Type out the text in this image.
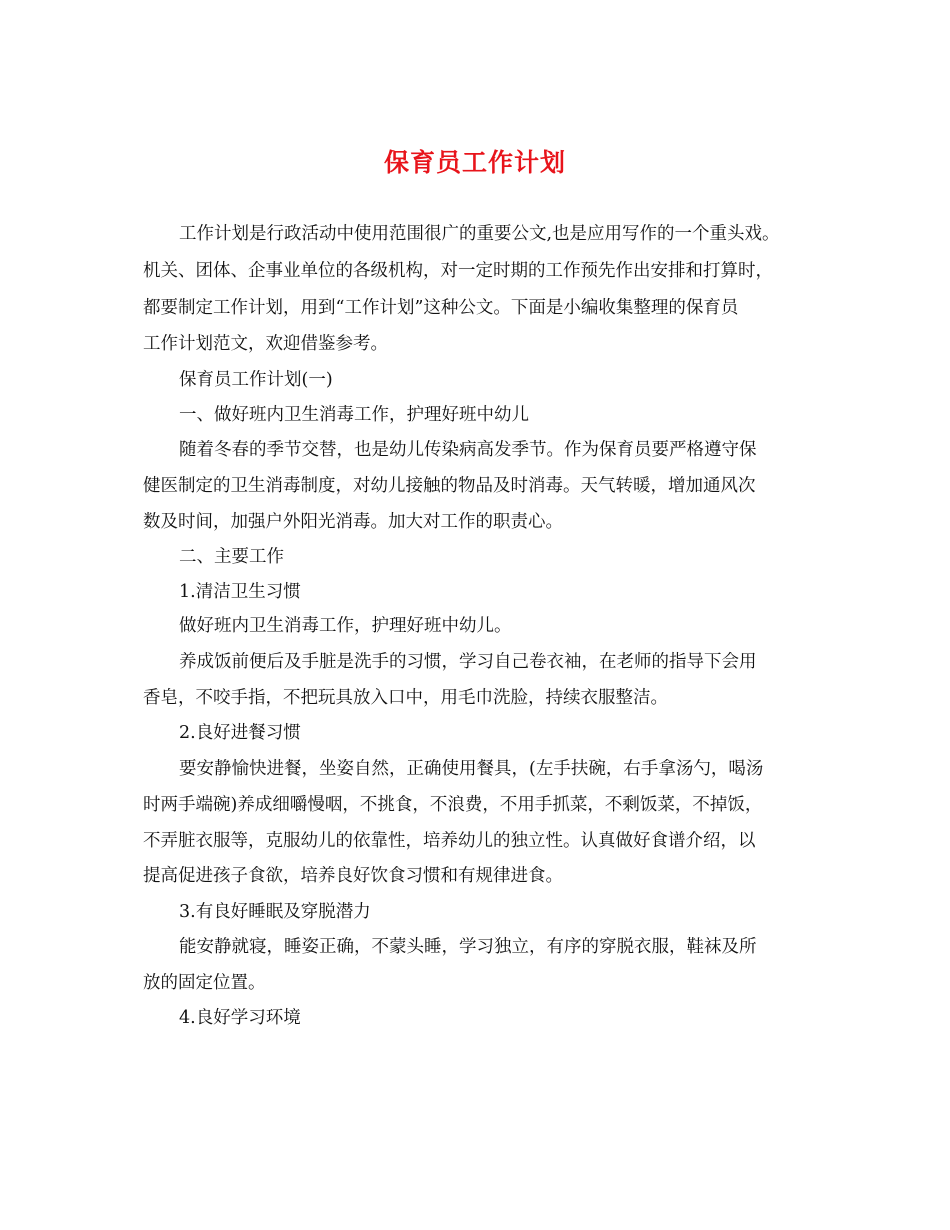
保育员工作计划
工作计划是行政活动中使用范围很广的重要公文,也是应用写作的一个重头戏。
机关、团体、企事业单位的各级机构，对一定时期的工作预先作出安排和打算时，
都要制定工作计划，用到“工作计划”这种公文。下面是小编收集整理的保育员
工作计划范文，欢迎借鉴参考。
保育员工作计划(一)
一、做好班内卫生消毒工作，护理好班中幼儿
随着冬春的季节交替，也是幼儿传染病高发季节。作为保育员要严格遵守保
健医制定的卫生消毒制度，对幼儿接触的物品及时消毒。天气转暖，增加通风次
数及时间，加强户外阳光消毒。加大对工作的职责心。
二、主要工作
1.清洁卫生习惯
做好班内卫生消毒工作，护理好班中幼儿。
养成饭前便后及手脏是洗手的习惯，学习自己卷衣袖，在老师的指导下会用
香皂，不咬手指，不把玩具放入口中，用毛巾洗脸，持续衣服整洁。
2.良好进餐习惯
要安静愉快进餐，坐姿自然，正确使用餐具，(左手扶碗，右手拿汤勺，喝汤
时两手端碗)养成细嚼慢咽，不挑食，不浪费，不用手抓菜，不剩饭菜，不掉饭，
不弄脏衣服等，克服幼儿的依靠性，培养幼儿的独立性。认真做好食谱介绍，以
提高促进孩子食欲，培养良好饮食习惯和有规律进食。
3.有良好睡眠及穿脱潜力
能安静就寝，睡姿正确，不蒙头睡，学习独立，有序的穿脱衣服，鞋袜及所
放的固定位置。
4.良好学习环境
